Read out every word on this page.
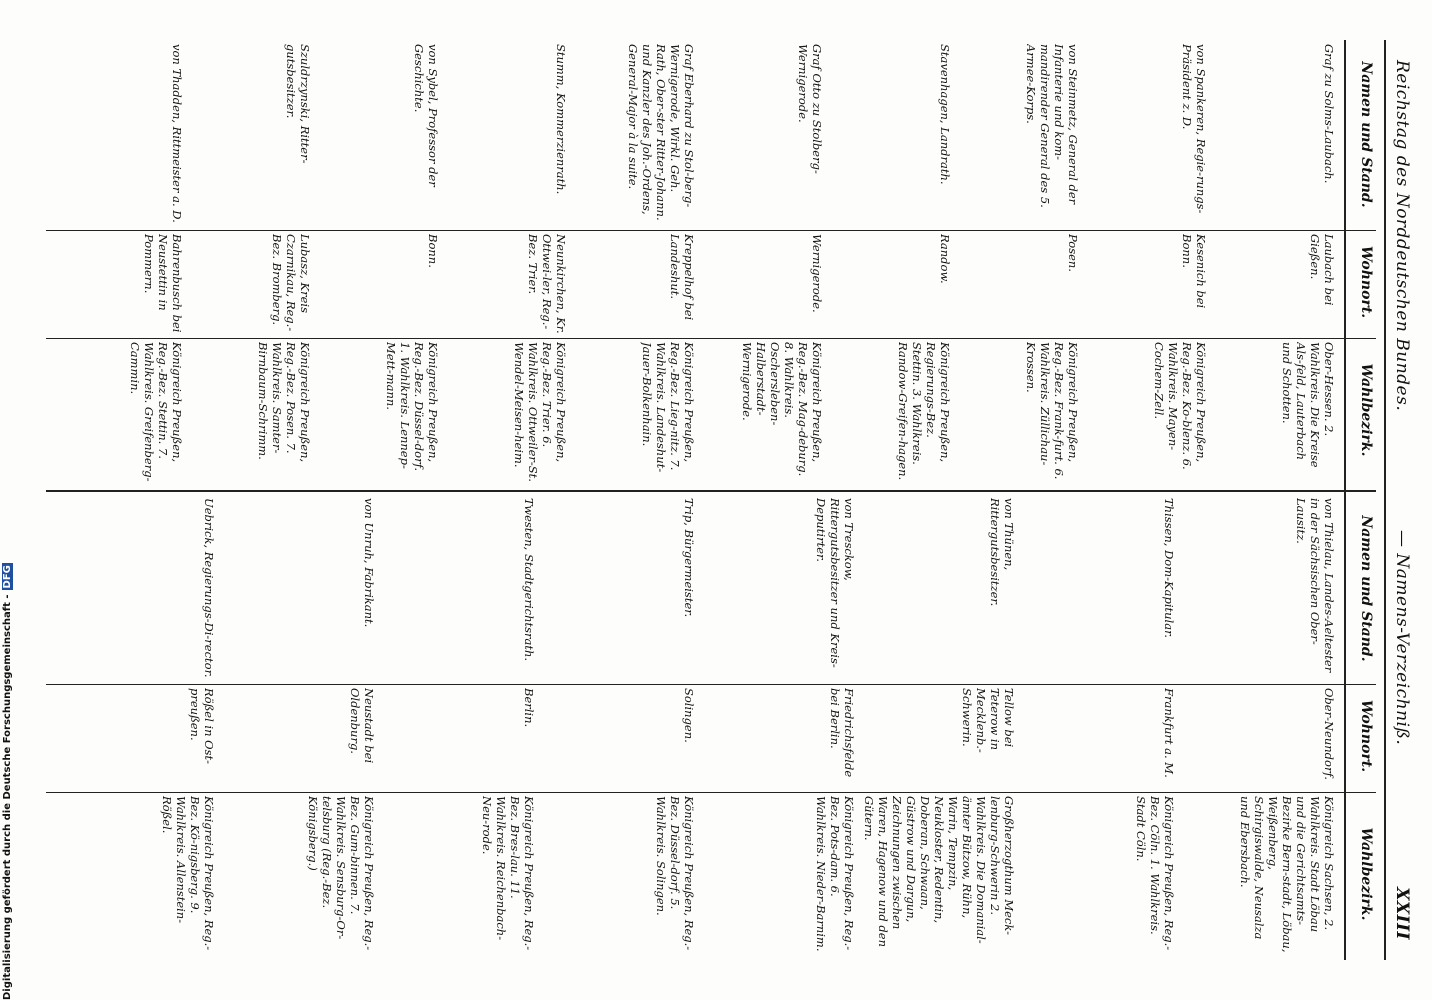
Reichstag des Norddeutschen Bundes.
— Namens-Verzeichniß.
XXIII
Namen und Stand.
Wohnort.
Wahlbezirk.
Namen und Stand.
Wohnort.
Wahlbezirk.
Graf zu Solms-Laubach.
Laubach bei Gießen.
Ober-Hessen. 2. Wahlkreis. Die Kreise Als-feld, Lauterbach und Schotten.
von Spankeren, Regie-rungs-Präsident z. D.
Kesenich bei Bonn.
Königreich Preußen, Reg.-Bez. Ko-blenz. 6. Wahlkreis. Mayen-Cochem-Zell.
von Steinmetz, General der Infanterie und kom-mandirender General des 5. Armee-Korps.
Posen.
Königreich Preußen, Reg.-Bez. Frank-furt. 6. Wahlkreis. Züllichau-Krossen.
Stavenhagen, Landrath.
Randow.
Königreich Preußen, Regierungs-Bez. Stettin. 3. Wahlkreis. Randow-Greifen-hagen.
Graf Otto zu Stolberg-Wernigerode.
Wernigerode.
Königreich Preußen, Reg.-Bez. Mag-deburg. 8. Wahlkreis. Oschersleben-Halberstadt-Wernigerode.
Graf Eberhard zu Stol-berg-Wernigerode, Wirkl. Geh. Rath, Ober-ster Ritter-Johann. und Kanzler des Joh.-Ordens, General-Major à la suite.
Kreppelhof bei Landeshut.
Königreich Preußen, Reg.-Bez. Lieg-nitz. 7. Wahlkreis. Landeshut-Jauer-Bolkenhain.
Stumm, Kommerzienrath.
Neunkirchen, Kr. Ottwei-ler, Reg.-Bez. Trier.
Königreich Preußen, Reg.-Bez. Trier. 6. Wahlkreis. Ottweiler-St. Wendel-Meisen-heim.
von Sybel, Professor der Geschichte.
Bonn.
Königreich Preußen, Reg.-Bez. Düssel-dorf. 1. Wahlkreis. Lennep-Mett-mann.
Szuldrzynski, Ritter-gutsbesitzer.
Lubasz, Kreis Czarnikau, Reg.-Bez. Bromberg.
Königreich Preußen, Reg.-Bez. Posen. 7. Wahlkreis. Samter-Birnbaum-Schrimm.
von Thadden, Rittmeister a. D.
Bahrenbusch bei Neustettin in Pommern.
Königreich Preußen, Reg.-Bez. Stettin. 7. Wahlkreis. Greifenberg-Cammin.
von Thielau, Landes-Aeltester in der Sächsischen Ober-Lausitz.
Ober-Neundorf.
Königreich Sachsen, 2. Wahlkreis. Stadt Löbau und die Gerichtsamts-Bezirke Bern-stadt, Löbau, Weißenberg, Schirgiswalde, Neusalza und Ebersbach.
Thissen, Dom-Kapitular.
Frankfurt a. M.
Königreich Preußen, Reg.-Bez. Cöln. 1. Wahlkreis. Stadt Cöln.
von Thünen, Rittergutsbesitzer.
Tellow bei Teterow in Mecklenb.-Schwerin.
Großherzogthum Meck-lenburg-Schwerin 2. Wahlkreis. Die Domanial-ämter Bützow, Rühn, Warin, Tempzin, Neukloster, Redentin, Doberan, Schwaan, Güstrow und Dargun, Zeichnungen zwischen Waren, Hagenow und den Gütern.
von Tresckow, Rittergutsbesitzer und Kreis-Deputirter.
Friedrichsfelde bei Berlin.
Königreich Preußen, Reg.-Bez. Pots-dam. 6. Wahlkreis. Nieder-Barnim.
Trip, Bürgermeister.
Solingen.
Königreich Preußen, Reg.-Bez. Düssel-dorf. 5. Wahlkreis. Solingen.
Twesten, Stadtgerichtsrath.
Berlin.
Königreich Preußen, Reg.-Bez. Bres-lau. 11. Wahlkreis. Reichenbach-Neu-rode.
von Unruh, Fabrikant.
Neustadt bei Oldenburg.
Königreich Preußen, Reg.-Bez. Gum-binnen. 7. Wahlkreis. Sensburg-Or-telsburg (Reg.-Bez. Königsberg.)
Uebrick, Regierungs-Di-rector.
Rößel in Ost-preußen.
Königreich Preußen, Reg.-Bez. Kö-nigsberg. 9. Wahlkreis. Allenstein-Rößel.
Digitalisierung gefördert durch die Deutsche Forschungsgemeinschaft -DFG
